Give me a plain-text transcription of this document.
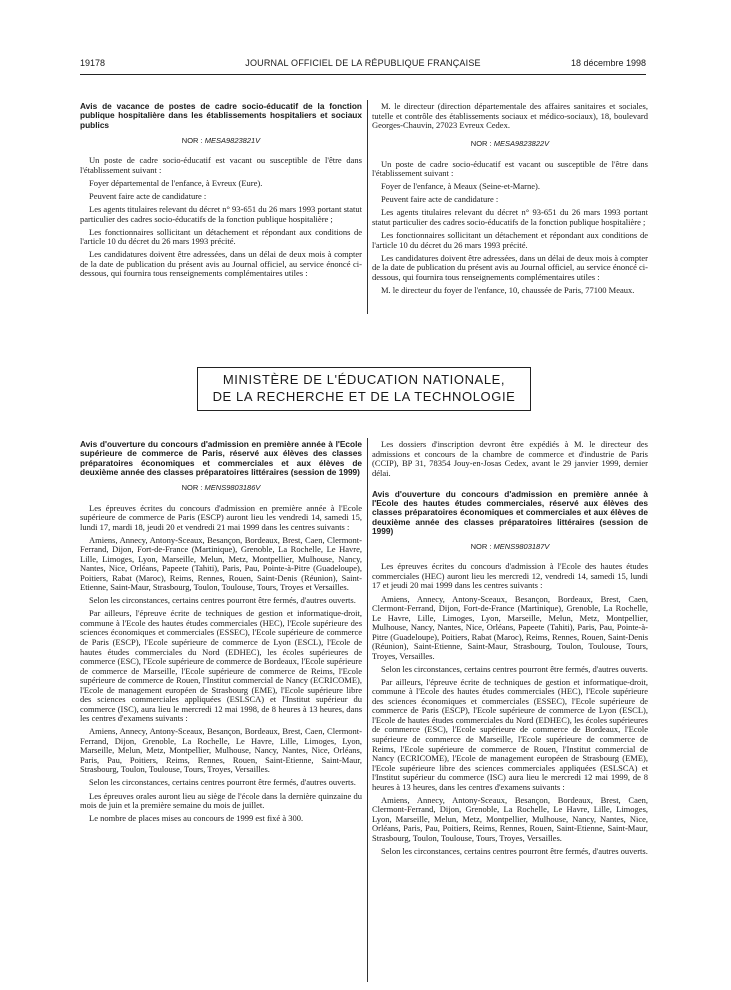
19178	JOURNAL OFFICIEL DE LA RÉPUBLIQUE FRANÇAISE	18 décembre 1998
Avis de vacance de postes de cadre socio-éducatif de la fonction publique hospitalière dans les établissements hospitaliers et sociaux publics
NOR : MESA9823821V

Un poste de cadre socio-éducatif est vacant ou susceptible de l'être dans l'établissement suivant :

Foyer départemental de l'enfance, à Evreux (Eure).

Peuvent faire acte de candidature :

Les agents titulaires relevant du décret n° 93-651 du 26 mars 1993 portant statut particulier des cadres socio-éducatifs de la fonction publique hospitalière ;

Les fonctionnaires sollicitant un détachement et répondant aux conditions de l'article 10 du décret du 26 mars 1993 précité.

Les candidatures doivent être adressées, dans un délai de deux mois à compter de la date de publication du présent avis au Journal officiel, au service énoncé ci-dessous, qui fournira tous renseignements complémentaires utiles :

M. le directeur (direction départementale des affaires sanitaires et sociales, tutelle et contrôle des établissements sociaux et médico-sociaux), 18, boulevard Georges-Chauvin, 27023 Evreux Cedex.

NOR : MESA9823822V

Un poste de cadre socio-éducatif est vacant ou susceptible de l'être dans l'établissement suivant :

Foyer de l'enfance, à Meaux (Seine-et-Marne).

Peuvent faire acte de candidature :

Les agents titulaires relevant du décret n° 93-651 du 26 mars 1993 portant statut particulier des cadres socio-éducatifs de la fonction publique hospitalière ;

Les fonctionnaires sollicitant un détachement et répondant aux conditions de l'article 10 du décret du 26 mars 1993 précité.

Les candidatures doivent être adressées, dans un délai de deux mois à compter de la date de publication du présent avis au Journal officiel, au service énoncé ci-dessous, qui fournira tous renseignements complémentaires utiles :

M. le directeur du foyer de l'enfance, 10, chaussée de Paris, 77100 Meaux.

MINISTÈRE DE L'ÉDUCATION NATIONALE,
DE LA RECHERCHE ET DE LA TECHNOLOGIE
Avis d'ouverture du concours d'admission en première année à l'Ecole supérieure de commerce de Paris, réservé aux élèves des classes préparatoires économiques et commerciales et aux élèves de deuxième année des classes préparatoires littéraires (session de 1999)
NOR : MENS9803186V

Les épreuves écrites du concours d'admission en première année à l'Ecole supérieure de commerce de Paris (ESCP) auront lieu les vendredi 14, samedi 15, lundi 17, mardi 18, jeudi 20 et vendredi 21 mai 1999 dans les centres suivants :

Amiens, Annecy, Antony-Sceaux, Besançon, Bordeaux, Brest, Caen, Clermont-Ferrand, Dijon, Fort-de-France (Martinique), Grenoble, La Rochelle, Le Havre, Lille, Limoges, Lyon, Marseille, Melun, Metz, Montpellier, Mulhouse, Nancy, Nantes, Nice, Orléans, Papeete (Tahiti), Paris, Pau, Pointe-à-Pitre (Guadeloupe), Poitiers, Rabat (Maroc), Reims, Rennes, Rouen, Saint-Denis (Réunion), Saint-Etienne, Saint-Maur, Strasbourg, Toulon, Toulouse, Tours, Troyes et Versailles.

Selon les circonstances, certains centres pourront être fermés, d'autres ouverts.

Par ailleurs, l'épreuve écrite de techniques de gestion et informatique-droit, commune à l'Ecole des hautes études commerciales (HEC), l'Ecole supérieure des sciences économiques et commerciales (ESSEC), l'Ecole supérieure de commerce de Paris (ESCP), l'Ecole supérieure de commerce de Lyon (ESCL), l'Ecole de hautes études commerciales du Nord (EDHEC), les écoles supérieures de commerce (ESC), l'Ecole supérieure de commerce de Bordeaux, l'Ecole supérieure de commerce de Marseille, l'Ecole supérieure de commerce de Reims, l'Ecole supérieure de commerce de Rouen, l'Institut commercial de Nancy (ECRICOME), l'Ecole de management européen de Strasbourg (EME), l'Ecole supérieure libre des sciences commerciales appliquées (ESLSCA) et l'Institut supérieur du commerce (ISC), aura lieu le mercredi 12 mai 1998, de 8 heures à 13 heures, dans les centres d'examens suivants :

Amiens, Annecy, Antony-Sceaux, Besançon, Bordeaux, Brest, Caen, Clermont-Ferrand, Dijon, Grenoble, La Rochelle, Le Havre, Lille, Limoges, Lyon, Marseille, Melun, Metz, Montpellier, Mulhouse, Nancy, Nantes, Nice, Orléans, Paris, Pau, Poitiers, Reims, Rennes, Rouen, Saint-Etienne, Saint-Maur, Strasbourg, Toulon, Toulouse, Tours, Troyes, Versailles.

Selon les circonstances, certains centres pourront être fermés, d'autres ouverts.

Les épreuves orales auront lieu au siège de l'école dans la dernière quinzaine du mois de juin et la première semaine du mois de juillet.

Le nombre de places mises au concours de 1999 est fixé à 300.

Les dossiers d'inscription devront être expédiés à M. le directeur des admissions et concours de la chambre de commerce et d'industrie de Paris (CCIP), BP 31, 78354 Jouy-en-Josas Cedex, avant le 29 janvier 1999, dernier délai.

Avis d'ouverture du concours d'admission en première année à l'Ecole des hautes études commerciales, réservé aux élèves des classes préparatoires économiques et commerciales et aux élèves de deuxième année des classes préparatoires littéraires (session de 1999)
NOR : MENS9803187V

Les épreuves écrites du concours d'admission à l'Ecole des hautes études commerciales (HEC) auront lieu les mercredi 12, vendredi 14, samedi 15, lundi 17 et jeudi 20 mai 1999 dans les centres suivants :

Amiens, Annecy, Antony-Sceaux, Besançon, Bordeaux, Brest, Caen, Clermont-Ferrand, Dijon, Fort-de-France (Martinique), Grenoble, La Rochelle, Le Havre, Lille, Limoges, Lyon, Marseille, Melun, Metz, Montpellier, Mulhouse, Nancy, Nantes, Nice, Orléans, Papeete (Tahiti), Paris, Pau, Pointe-à-Pitre (Guadeloupe), Poitiers, Rabat (Maroc), Reims, Rennes, Rouen, Saint-Denis (Réunion), Saint-Etienne, Saint-Maur, Strasbourg, Toulon, Toulouse, Tours, Troyes, Versailles.

Selon les circonstances, certains centres pourront être fermés, d'autres ouverts.

Par ailleurs, l'épreuve écrite de techniques de gestion et informatique-droit, commune à l'Ecole des hautes études commerciales (HEC), l'Ecole supérieure des sciences économiques et commerciales (ESSEC), l'Ecole supérieure de commerce de Paris (ESCP), l'Ecole supérieure de commerce de Lyon (ESCL), l'Ecole de hautes études commerciales du Nord (EDHEC), les écoles supérieures de commerce (ESC), l'Ecole supérieure de commerce de Bordeaux, l'Ecole supérieure de commerce de Marseille, l'Ecole supérieure de commerce de Reims, l'Ecole supérieure de commerce de Rouen, l'Institut commercial de Nancy (ECRICOME), l'Ecole de management européen de Strasbourg (EME), l'Ecole supérieure libre des sciences commerciales appliquées (ESLSCA) et l'Institut supérieur du commerce (ISC) aura lieu le mercredi 12 mai 1999, de 8 heures à 13 heures, dans les centres d'examens suivants :

Amiens, Annecy, Antony-Sceaux, Besançon, Bordeaux, Brest, Caen, Clermont-Ferrand, Dijon, Grenoble, La Rochelle, Le Havre, Lille, Limoges, Lyon, Marseille, Melun, Metz, Montpellier, Mulhouse, Nancy, Nantes, Nice, Orléans, Paris, Pau, Poitiers, Reims, Rennes, Rouen, Saint-Etienne, Saint-Maur, Strasbourg, Toulon, Toulouse, Tours, Troyes, Versailles.

Selon les circonstances, certains centres pourront être fermés, d'autres ouverts.
